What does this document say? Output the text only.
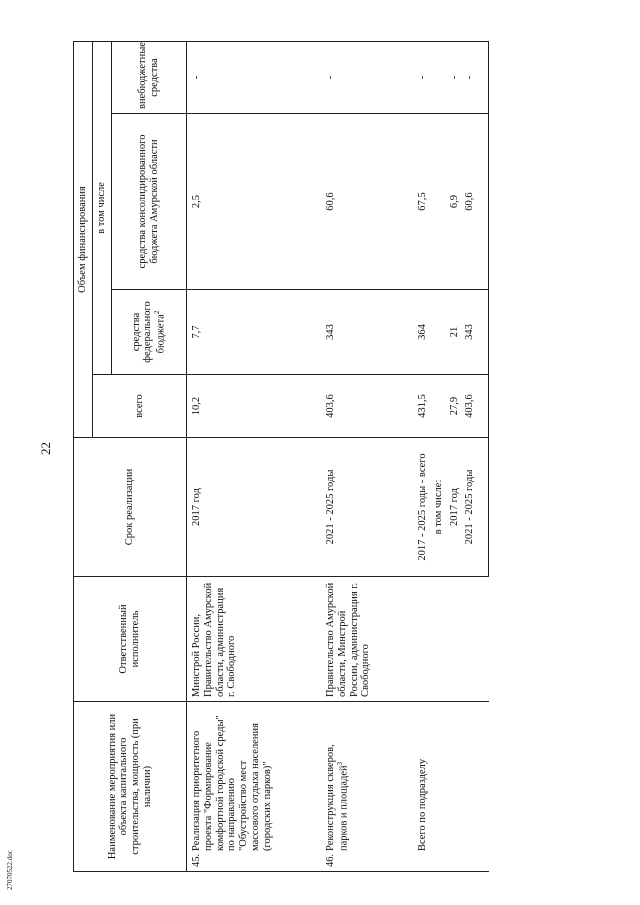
22
27070522.doc
Наименование мероприятия или объекта капитального строительства, мощность (при наличии)	Ответственный исполнитель	Срок реализации	Объем финансирования			
			всего	в том числе		
				средства федерального бюджета$^2$	средства консолидированного бюджета Амурской области	внебюджетные средства

45.Реализация приоритетного проекта "Формирование комфортной городской среды" по направлению "Обустройство мест массового отдыха населения (городских парков)"	Минстрой России, Правительство Амурской области, администрация г. Свободного	2017 год	10,2	7,7	2,5	-
46.Реконструкция скверов, парков и площадей$^3$	Правительство Амурской области, Минстрой России, администрация г. Свободного	2021 - 2025 годы	403,6	343	60,6	-
Всего по подразделу		2017 - 2025 годы - всего	431,5	364	67,5	-
		в том числе:				
		2017 год	27,9	21	6,9	-
		2021 - 2025 годы	403,6	343	60,6	-
